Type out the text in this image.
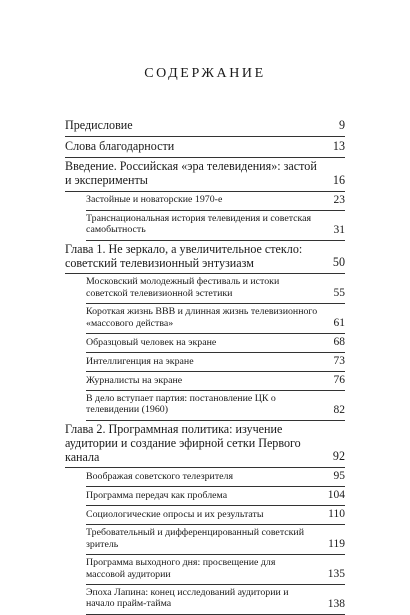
СОДЕРЖАНИЕ
Предисловие	9
Слова благодарности	13
Введение. Российская «эра телевидения»: застой и эксперименты	16
Застойные и новаторские 1970-е	23
Транснациональная история телевидения и советская самобытность	31
Глава 1. Не зеркало, а увеличительное стекло: советский телевизионный энтузиазм	50
Московский молодежный фестиваль и истоки советской телевизионной эстетики	55
Короткая жизнь ВВВ и длинная жизнь телевизионного «массового действа»	61
Образцовый человек на экране	68
Интеллигенция на экране	73
Журналисты на экране	76
В дело вступает партия: постановление ЦК о телевидении (1960)	82
Глава 2. Программная политика: изучение аудитории и создание эфирной сетки Первого канала	92
Воображая советского телезрителя	95
Программа передач как проблема	104
Социологические опросы и их результаты	110
Требовательный и дифференцированный советский зритель	119
Программа выходного дня: просвещение для массовой аудитории	135
Эпоха Лапина: конец исследований аудитории и начало прайм-тайма	138
